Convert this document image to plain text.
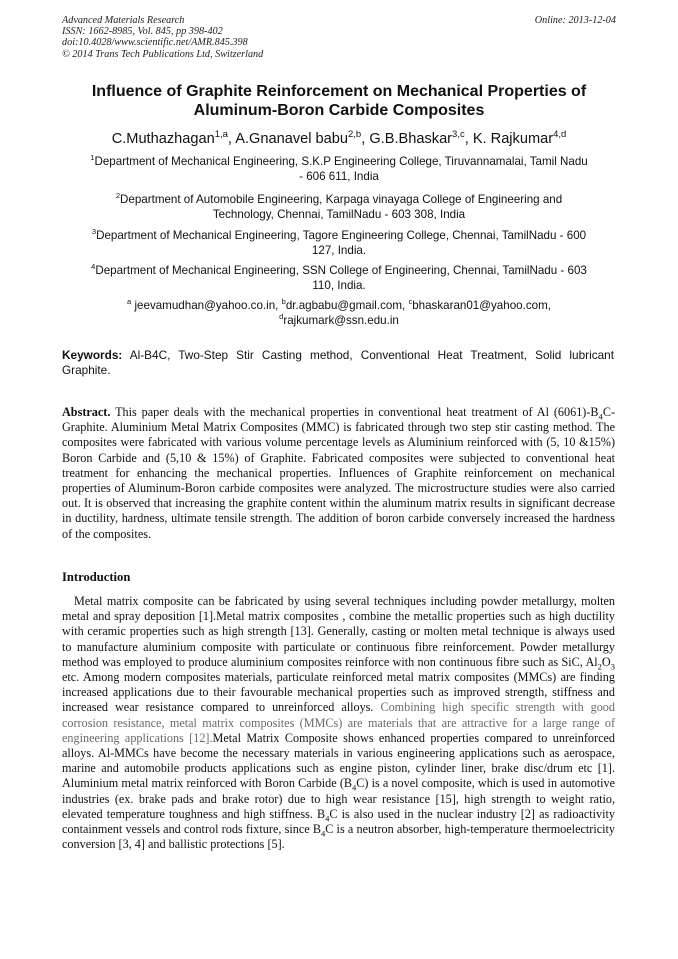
Advanced Materials Research
ISSN: 1662-8985, Vol. 845, pp 398-402
doi:10.4028/www.scientific.net/AMR.845.398
© 2014 Trans Tech Publications Ltd, Switzerland
Online: 2013-12-04
Influence of Graphite Reinforcement on Mechanical Properties of
Aluminum-Boron Carbide Composites
C.Muthazhagan$^{1,a}$, A.Gnanavel babu$^{2,b}$, G.B.Bhaskar$^{3,c}$, K. Rajkumar$^{4,d}$
$^1$Department of Mechanical Engineering, S.K.P Engineering College, Tiruvannamalai, Tamil Nadu
- 606 611, India
$^2$Department of Automobile Engineering, Karpaga vinayaga College of Engineering and
Technology, Chennai, TamilNadu - 603 308, India
$^3$Department of Mechanical Engineering, Tagore Engineering College, Chennai, TamilNadu - 600
127, India.
$^4$Department of Mechanical Engineering, SSN College of Engineering, Chennai, TamilNadu - 603
110, India.
$^a$ jeevamudhan@yahoo.co.in, $^b$dr.agbabu@gmail.com, $^c$bhaskaran01@yahoo.com,
$^d$rajkumark@ssn.edu.in
Keywords: Al-B4C, Two-Step Stir Casting method, Conventional Heat Treatment, Solid lubricant Graphite.
Abstract. This paper deals with the mechanical properties in conventional heat treatment of Al $(6061)-B_4C$-Graphite. Aluminium Metal Matrix Composites (MMC) is fabricated through two step stir casting method. The composites were fabricated with various volume percentage levels as Aluminium reinforced with (5, 10 &15%) Boron Carbide and (5,10 & 15%) of Graphite. Fabricated composites were subjected to conventional heat treatment for enhancing the mechanical properties. Influences of Graphite reinforcement on mechanical properties of Aluminum-Boron carbide composites were analyzed. The microstructure studies were also carried out. It is observed that increasing the graphite content within the aluminum matrix results in significant decrease in ductility, hardness, ultimate tensile strength. The addition of boron carbide conversely increased the hardness of the composites.
Introduction
Metal matrix composite can be fabricated by using several techniques including powder metallurgy, molten metal and spray deposition [1].Metal matrix composites , combine the metallic properties such as high ductility with ceramic properties such as high strength [13]. Generally, casting or molten metal technique is always used to manufacture aluminium composite with particulate or continuous fibre reinforcement. Powder metallurgy method was employed to produce aluminium composites reinforce with non continuous fibre such as SiC, $Al_2O_3$ etc. Among modern composites materials, particulate reinforced metal matrix composites (MMCs) are finding increased applications due to their favourable mechanical properties such as improved strength, stiffness and increased wear resistance compared to unreinforced alloys. Combining high specific strength with good corrosion resistance, metal matrix composites (MMCs) are materials that are attractive for a large range of engineering applications [12].Metal Matrix Composite shows enhanced properties compared to unreinforced alloys. Al-MMCs have become the necessary materials in various engineering applications such as aerospace, marine and automobile products applications such as engine piston, cylinder liner, brake disc/drum etc [1]. Aluminium metal matrix reinforced with Boron Carbide $(B_4C)$ is a novel composite, which is used in automotive industries (ex. brake pads and brake rotor) due to high wear resistance [15], high strength to weight ratio, elevated temperature toughness and high stiffness. $B_4C$ is also used in the nuclear industry [2] as radioactivity containment vessels and control rods fixture, since $B_4C$ is a neutron absorber, high-temperature thermoelectricity conversion [3, 4] and ballistic protections [5].
